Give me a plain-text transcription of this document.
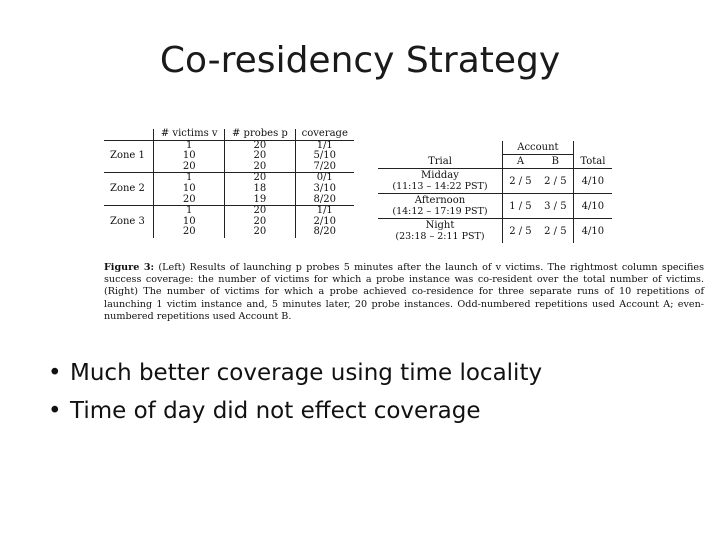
Co-residency Strategy
	# victims v	# probes p	coverage
Zone 1	1	20	1/1
	10	20	5/10
	20	20	7/20
Zone 2	1	20	0/1
	10	18	3/10
	20	19	8/20
Zone 3	1	20	1/1
	10	20	2/10
	20	20	8/20
	Account		
Trial	A	B	Total

Midday
(11:13 – 14:22 PST)	2 / 5	2 / 5	4/10

Afternoon
(14:12 – 17:19 PST)	1 / 5	3 / 5	4/10

Night
(23:18 – 2:11 PST)	2 / 5	2 / 5	4/10
Figure 3: (Left) Results of launching p probes 5 minutes after the launch of v victims. The rightmost column specifies success coverage: the number of victims for which a probe instance was co-resident over the total number of victims. (Right) The number of victims for which a probe achieved co-residence for three separate runs of 10 repetitions of launching 1 victim instance and, 5 minutes later, 20 probe instances. Odd-numbered repetitions used Account A; even-numbered repetitions used Account B.
• Much better coverage using time locality
• Time of day did not effect coverage
